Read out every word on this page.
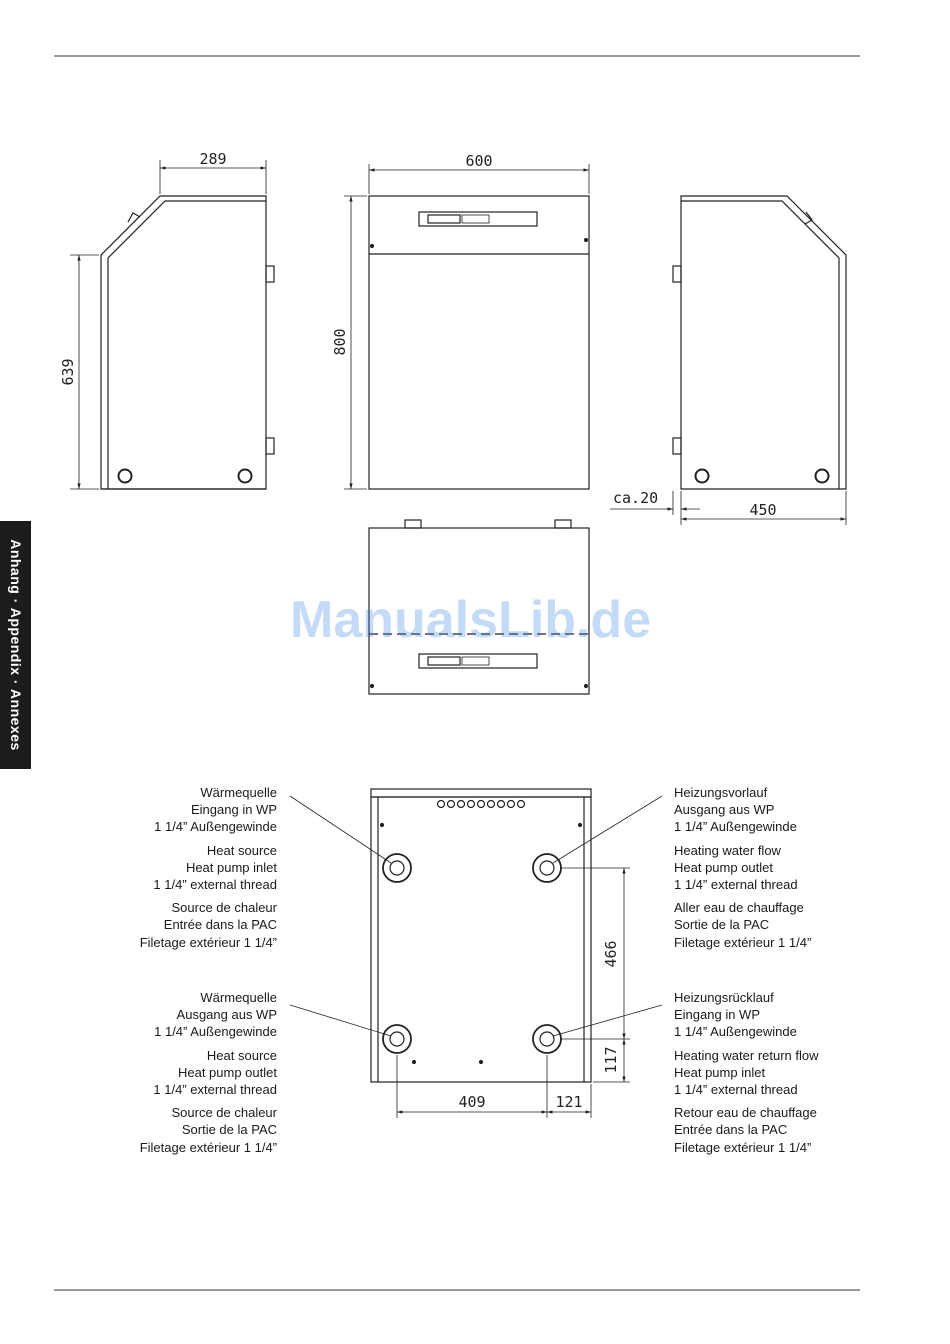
Anhang · Appendix · Annexes
289	600
639
800
ca.20
450
466
117
409	121
ManualsLib.de
Wärmequelle
Eingang in WP
1 1/4” Außengewinde
Heat source
Heat pump inlet
1 1/4” external thread
Source de chaleur
Entrée dans la PAC
Filetage extérieur 1 1/4”
Wärmequelle
Ausgang aus WP
1 1/4” Außengewinde
Heat source
Heat pump outlet
1 1/4” external thread
Source de chaleur
Sortie de la PAC
Filetage extérieur 1 1/4”
Heizungsvorlauf
Ausgang aus WP
1 1/4” Außengewinde
Heating water flow
Heat pump outlet
1 1/4” external thread
Aller eau de chauffage
Sortie de la PAC
Filetage extérieur 1 1/4”
Heizungsrücklauf
Eingang in WP
1 1/4” Außengewinde
Heating water return flow
Heat pump inlet
1 1/4” external thread
Retour eau de chauffage
Entrée dans la PAC
Filetage extérieur 1 1/4”
